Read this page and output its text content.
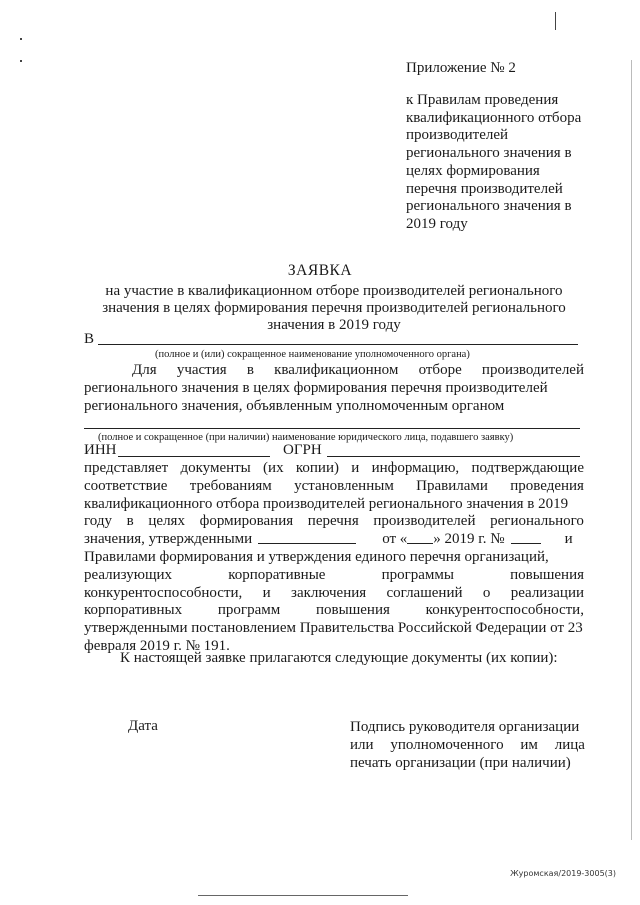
Приложение № 2
к Правилам проведения
квалификационного отбора
производителей
регионального значения в
целях формирования
перечня производителей
регионального значения в
2019 году
ЗАЯВКА
на участие в квалификационном отборе производителей регионального
значения в целях формирования перечня производителей регионального
значения в 2019 году
В
(полное и (или) сокращенное наименование уполномоченного органа)
Для участия в квалификационном отборе производителей
регионального значения в целях формирования перечня производителей
регионального значения, объявленным уполномоченным органом
(полное и сокращенное (при наличии) наименование юридического лица, подавшего заявку)
ИНН	ОГРН
представляет документы (их копии) и информацию, подтверждающие
соответствие требованиям установленным Правилами проведения
квалификационного отбора производителей регионального значения в 2019
году в целях формирования перечня производителей регионального
значения, утвержденными	от « » 2019 г. №	и
Правилами формирования и утверждения единого перечня организаций,
реализующих	корпоративные	программы	повышения
конкурентоспособности, и заключения соглашений о реализации
корпоративных программ повышения конкурентоспособности,
утвержденными постановлением Правительства Российской Федерации от 23
февраля 2019 г. № 191.
К настоящей заявке прилагаются следующие документы (их копии):
Дата	Подпись руководителя организации
или уполномоченного им лица
печать организации (при наличии)
Журомская/2019-3005(3)
